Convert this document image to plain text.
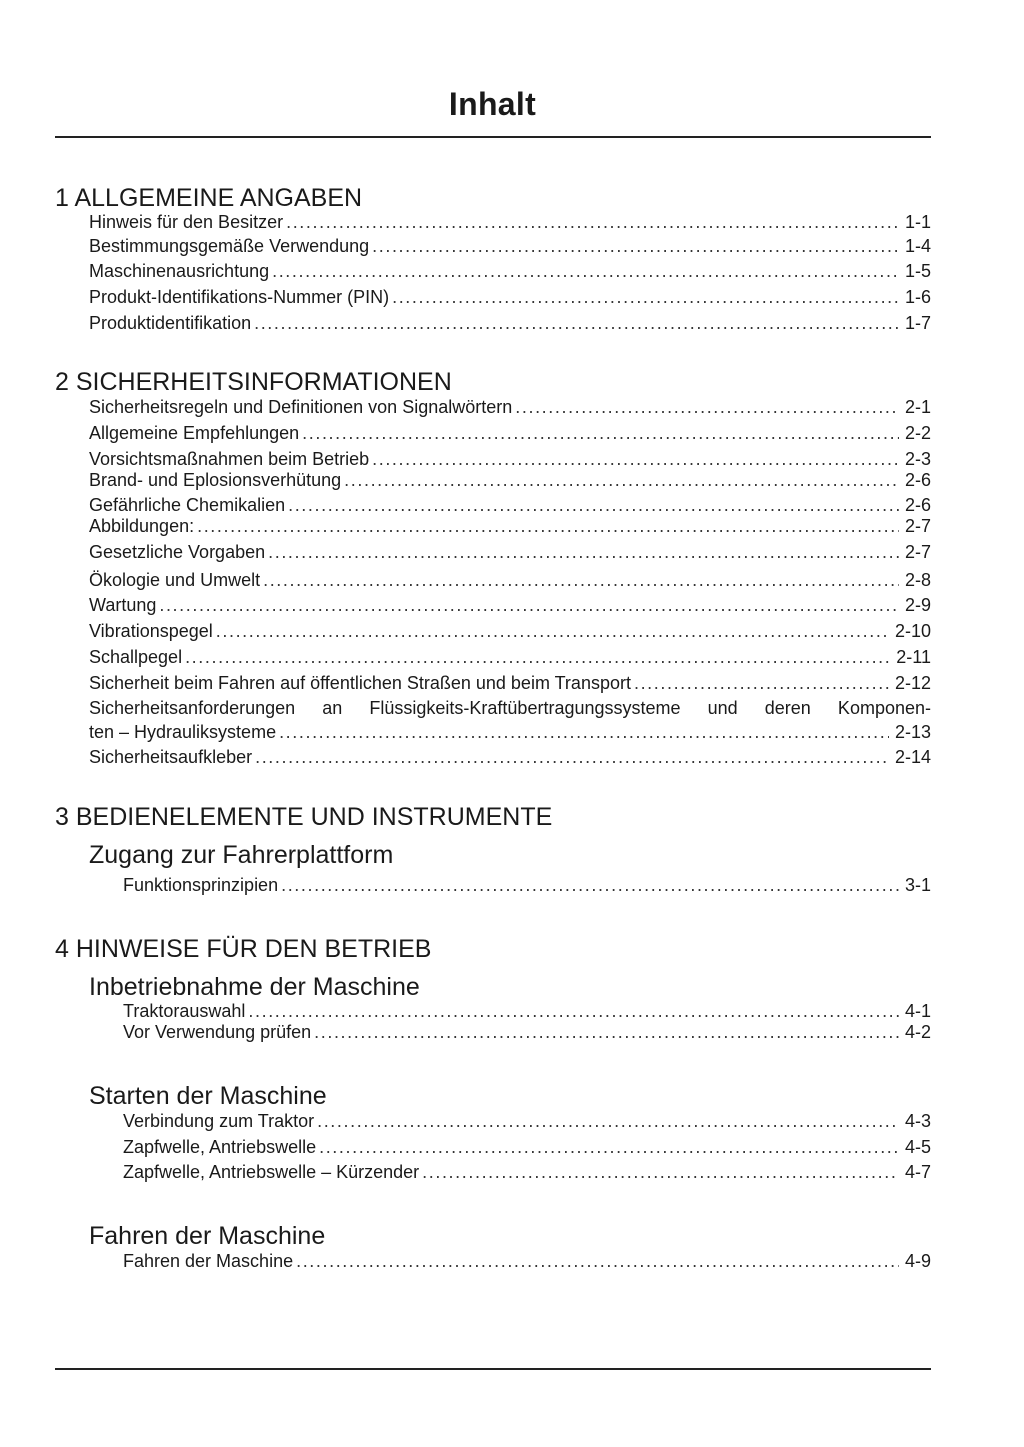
Inhalt
1 ALLGEMEINE ANGABEN
Hinweis für den Besitzer .....	1-1
Bestimmungsgemäße Verwendung .....	1-4
Maschinenausrichtung .....	1-5
Produkt-Identifikations-Nummer (PIN) .....	1-6
Produktidentifikation .....	1-7
2 SICHERHEITSINFORMATIONEN
Sicherheitsregeln und Definitionen von Signalwörtern .....	2-1
Allgemeine Empfehlungen .....	2-2
Vorsichtsmaßnahmen beim Betrieb .....	2-3
Brand- und Eplosionsverhütung .....	2-6
Gefährliche Chemikalien .....	2-6
Abbildungen: .....	2-7
Gesetzliche Vorgaben .....	2-7
Ökologie und Umwelt .....	2-8
Wartung .....	2-9
Vibrationspegel .....	2-10
Schallpegel .....	2-11
Sicherheit beim Fahren auf öffentlichen Straßen und beim Transport .....	2-12
Sicherheitsanforderungen an Flüssigkeits-Kraftübertragungssysteme und deren Komponen-
ten – Hydrauliksysteme .....	2-13
Sicherheitsaufkleber .....	2-14
3 BEDIENELEMENTE UND INSTRUMENTE
Zugang zur Fahrerplattform
Funktionsprinzipien .....	3-1
4 HINWEISE FÜR DEN BETRIEB
Inbetriebnahme der Maschine
Traktorauswahl .....	4-1
Vor Verwendung prüfen .....	4-2
Starten der Maschine
Verbindung zum Traktor .....	4-3
Zapfwelle, Antriebswelle .....	4-5
Zapfwelle, Antriebswelle – Kürzender .....	4-7
Fahren der Maschine
Fahren der Maschine .....	4-9
